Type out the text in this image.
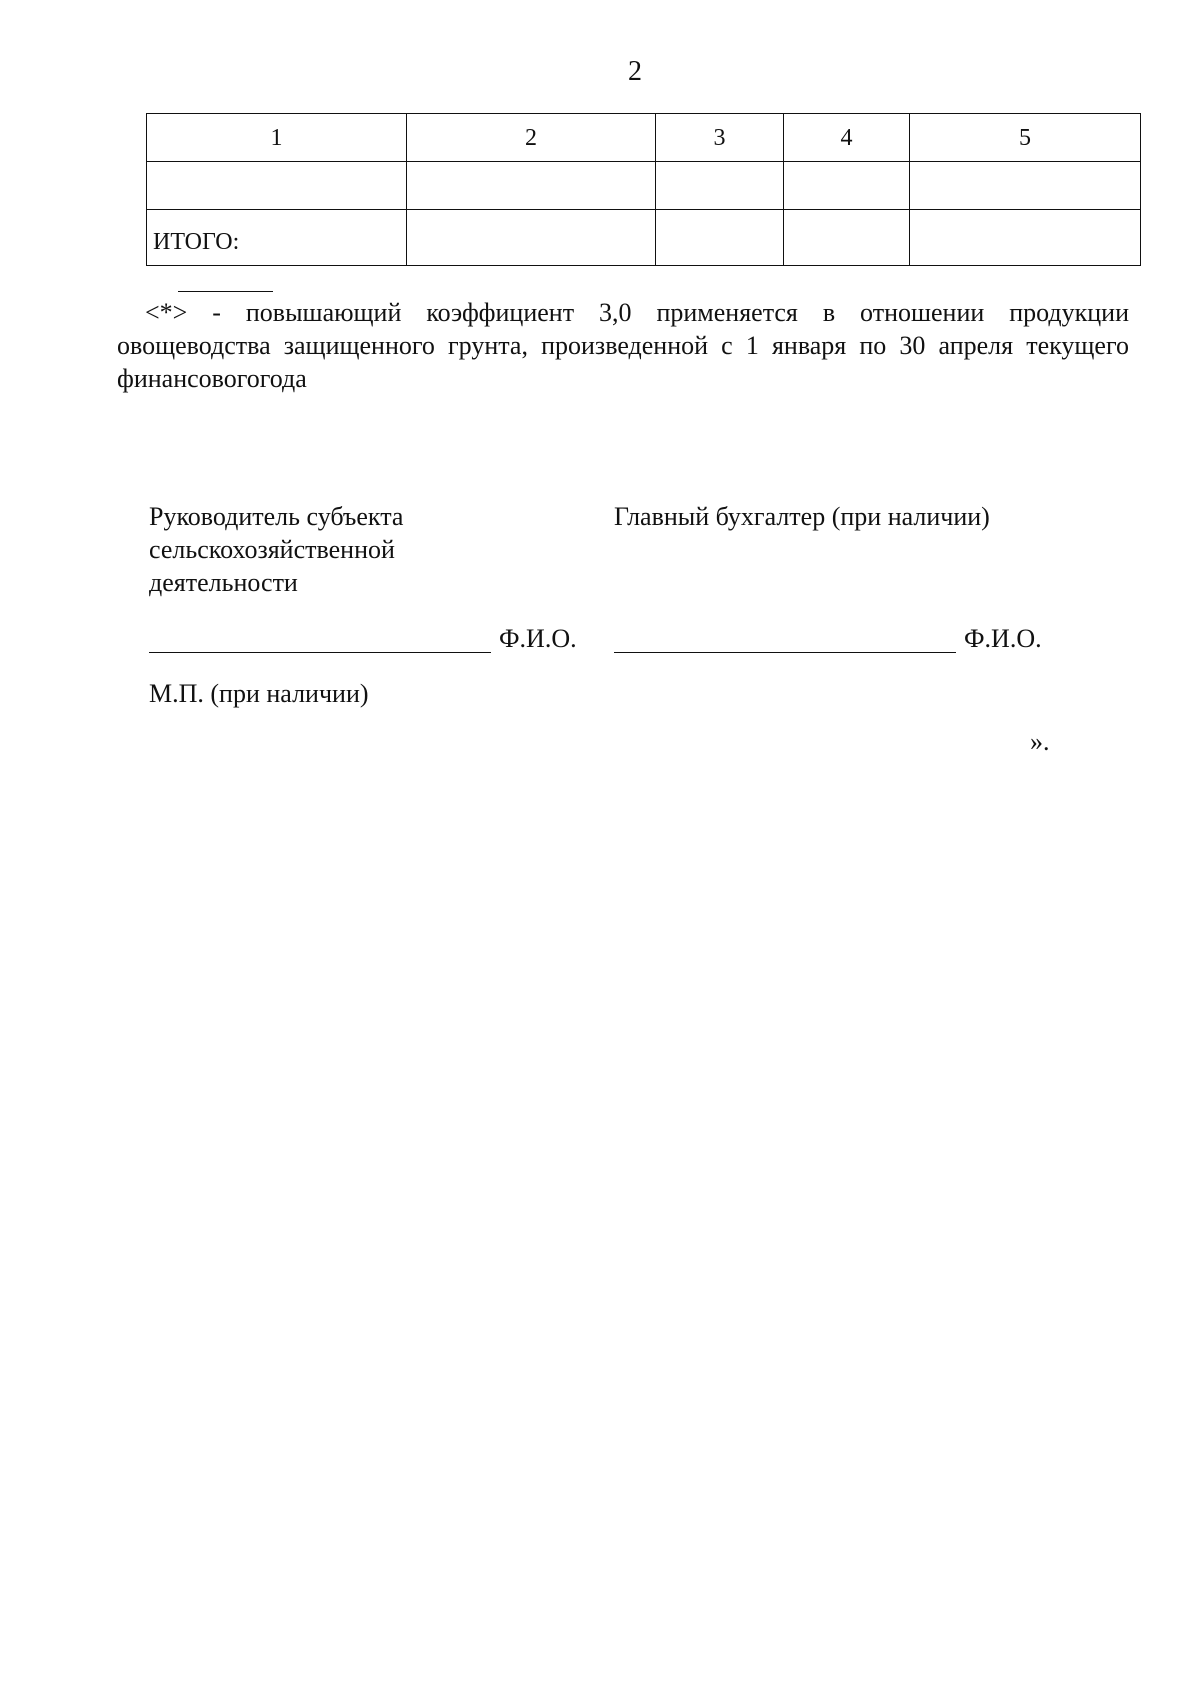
2
1	2	3	4	5

ИТОГО:				
<*> - повышающий коэффициент 3,0 применяется в отношении продукции овощеводства защищенного грунта, произведенной с 1 января по 30 апреля текущего финансовогогода
Руководитель субъекта
сельскохозяйственной
деятельности
Главный бухгалтер (при наличии)
Ф.И.О.	Ф.И.О.
М.П. (при наличии)
».
